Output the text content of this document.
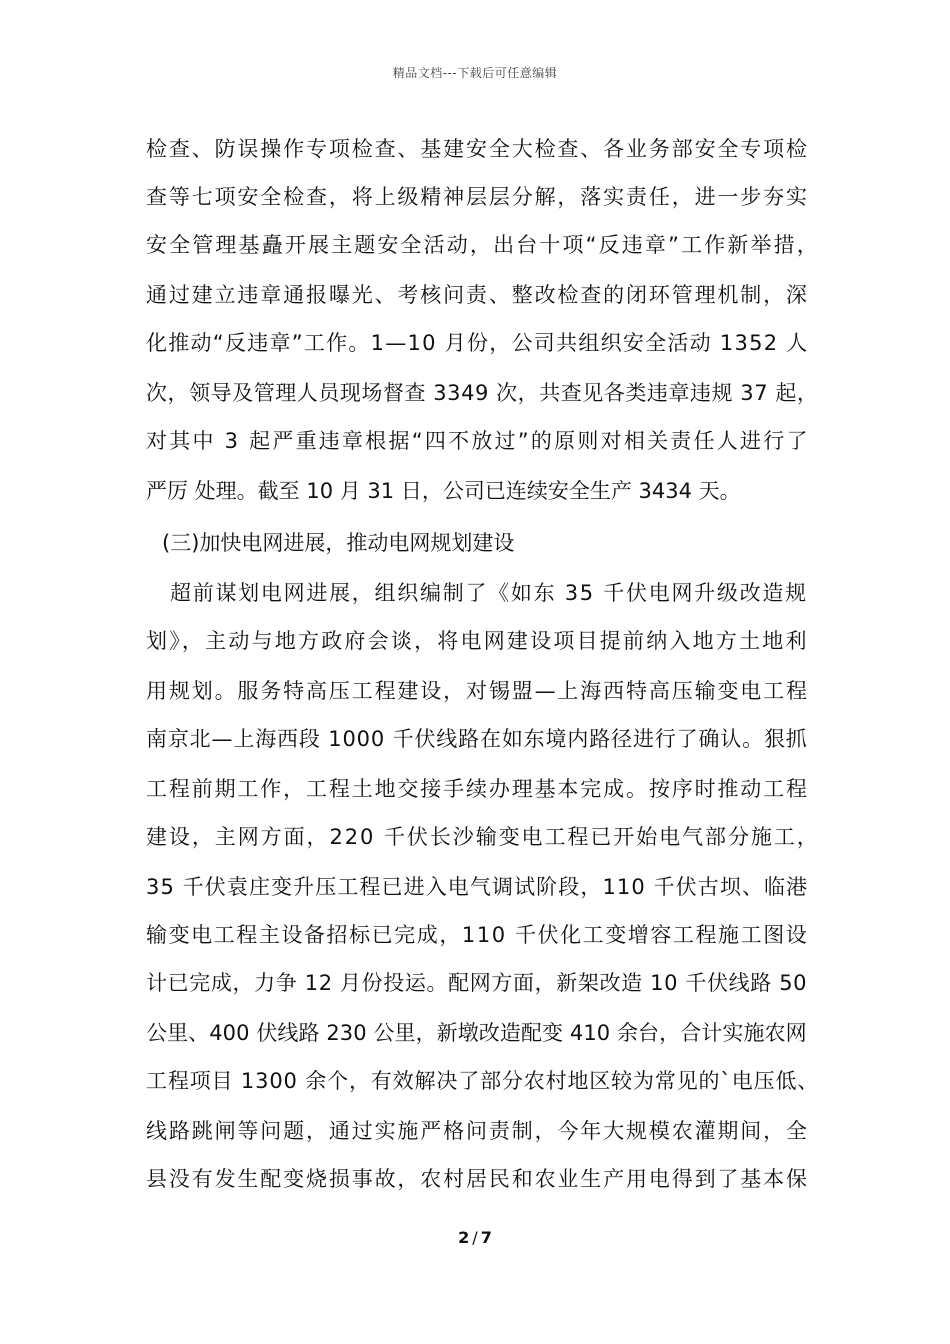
精品文档---下载后可任意编辑
检查、防误操作专项检查、基建安全大检查、各业务部安全专项检
查等七项安全检查，将上级精神层层分解，落实责任，进一步夯实
安全管理基矗开展主题安全活动，出台十项“反违章”工作新举措，
通过建立违章通报曝光、考核问责、整改检查的闭环管理机制，深
化推动“反违章”工作。1—10 月份，公司共组织安全活动 1352 人
次，领导及管理人员现场督查 3349 次，共查见各类违章违规 37 起，
对其中 3 起严重违章根据“四不放过”的原则对相关责任人进行了
严厉 处理。截至 10 月 31 日，公司已连续安全生产 3434 天。
(三)加快电网进展，推动电网规划建设
超前谋划电网进展，组织编制了《如东 35 千伏电网升级改造规
划》，主动与地方政府会谈，将电网建设项目提前纳入地方土地利
用规划。服务特高压工程建设，对锡盟—上海西特高压输变电工程
南京北—上海西段 1000 千伏线路在如东境内路径进行了确认。狠抓
工程前期工作，工程土地交接手续办理基本完成。按序时推动工程
建设，主网方面，220 千伏长沙输变电工程已开始电气部分施工，
35 千伏袁庄变升压工程已进入电气调试阶段，110 千伏古坝、临港
输变电工程主设备招标已完成，110 千伏化工变增容工程施工图设
计已完成，力争 12 月份投运。配网方面，新架改造 10 千伏线路 50
公里、400 伏线路 230 公里，新墩改造配变 410 余台，合计实施农网
工程项目 1300 余个，有效解决了部分农村地区较为常见的`电压低、
线路跳闸等问题，通过实施严格问责制，今年大规模农灌期间，全
县没有发生配变烧损事故，农村居民和农业生产用电得到了基本保
2 / 7
